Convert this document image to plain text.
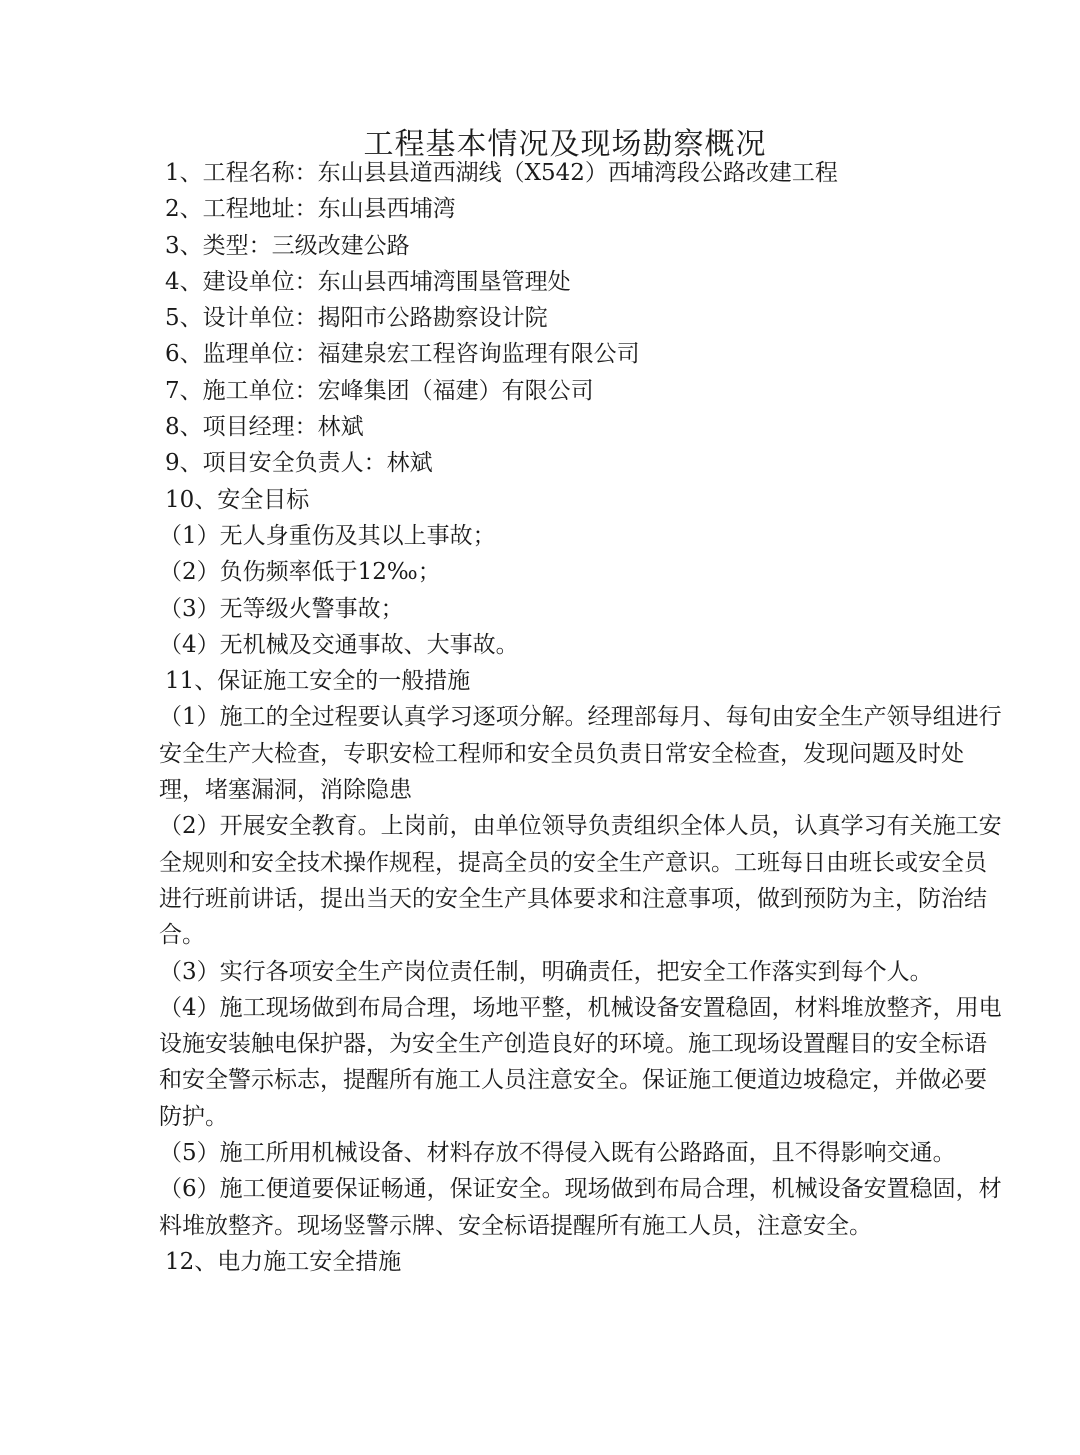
工程基本情况及现场勘察概况

1、工程名称：东山县县道西湖线（X542）西埔湾段公路改建工程

2、工程地址：东山县西埔湾

3、类型：三级改建公路

4、建设单位：东山县西埔湾围垦管理处

5、设计单位：揭阳市公路勘察设计院

6、监理单位：福建泉宏工程咨询监理有限公司

7、施工单位：宏峰集团（福建）有限公司

8、项目经理：林斌

9、项目安全负责人：林斌

10、安全目标

（1）无人身重伤及其以上事故；

（2）负伤频率低于12‰；

（3）无等级火警事故；

（4）无机械及交通事故、大事故。

11、保证施工安全的一般措施

（1）施工的全过程要认真学习逐项分解。经理部每月、每旬由安全生产领导组进行安全生产大检查，专职安检工程师和安全员负责日常安全检查，发现问题及时处理，堵塞漏洞，消除隐患

（2）开展安全教育。上岗前，由单位领导负责组织全体人员，认真学习有关施工安全规则和安全技术操作规程，提高全员的安全生产意识。工班每日由班长或安全员进行班前讲话，提出当天的安全生产具体要求和注意事项，做到预防为主，防治结合。

（3）实行各项安全生产岗位责任制，明确责任，把安全工作落实到每个人。

（4）施工现场做到布局合理，场地平整，机械设备安置稳固，材料堆放整齐，用电设施安装触电保护器，为安全生产创造良好的环境。施工现场设置醒目的安全标语和安全警示标志，提醒所有施工人员注意安全。保证施工便道边坡稳定，并做必要防护。

（5）施工所用机械设备、材料存放不得侵入既有公路路面，且不得影响交通。

（6）施工便道要保证畅通，保证安全。现场做到布局合理，机械设备安置稳固，材料堆放整齐。现场竖警示牌、安全标语提醒所有施工人员，注意安全。

12、电力施工安全措施
